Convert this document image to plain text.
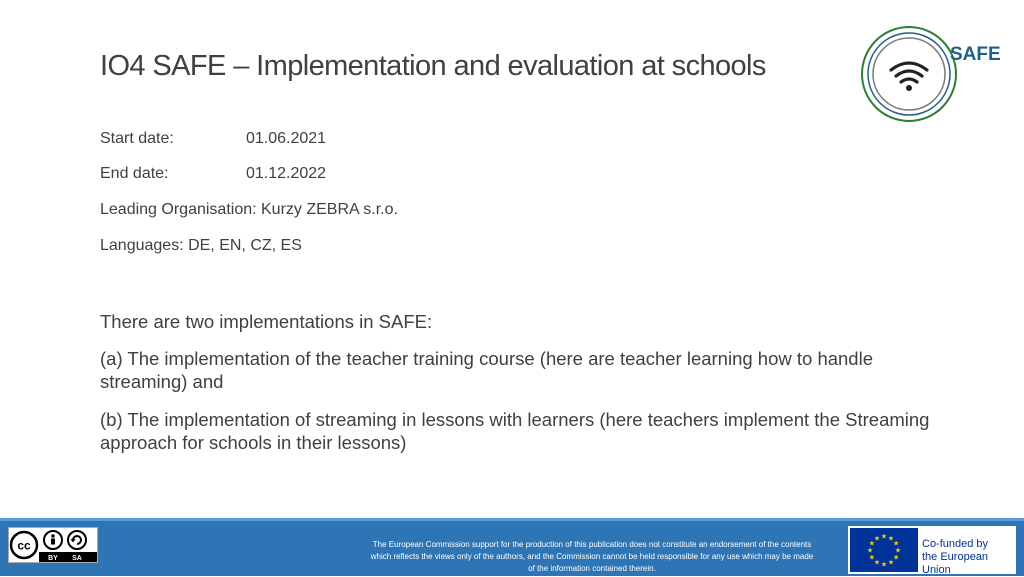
IO4 SAFE – Implementation and evaluation at schools	SAFE
Start date:	01.06.2021
End date:	01.12.2022
Leading Organisation: Kurzy ZEBRA s.r.o.
Languages: DE, EN, CZ, ES
There are two implementations in SAFE:
(a) The implementation of the teacher training course (here are teacher learning how to handle streaming) and
(b) The implementation of streaming in lessons with learners (here teachers implement the Streaming approach for schools in their lessons)
cc
BY SA
The European Commission support for the production of this publication does not constitute an endorsement of the contents which reflects the views only of the authors, and the Commission cannot be held responsible for any use which may be made of the information contained therein.
★
★
★
★
★
★
★
★
★ ★ ★
★ Co-funded by
the European Union
